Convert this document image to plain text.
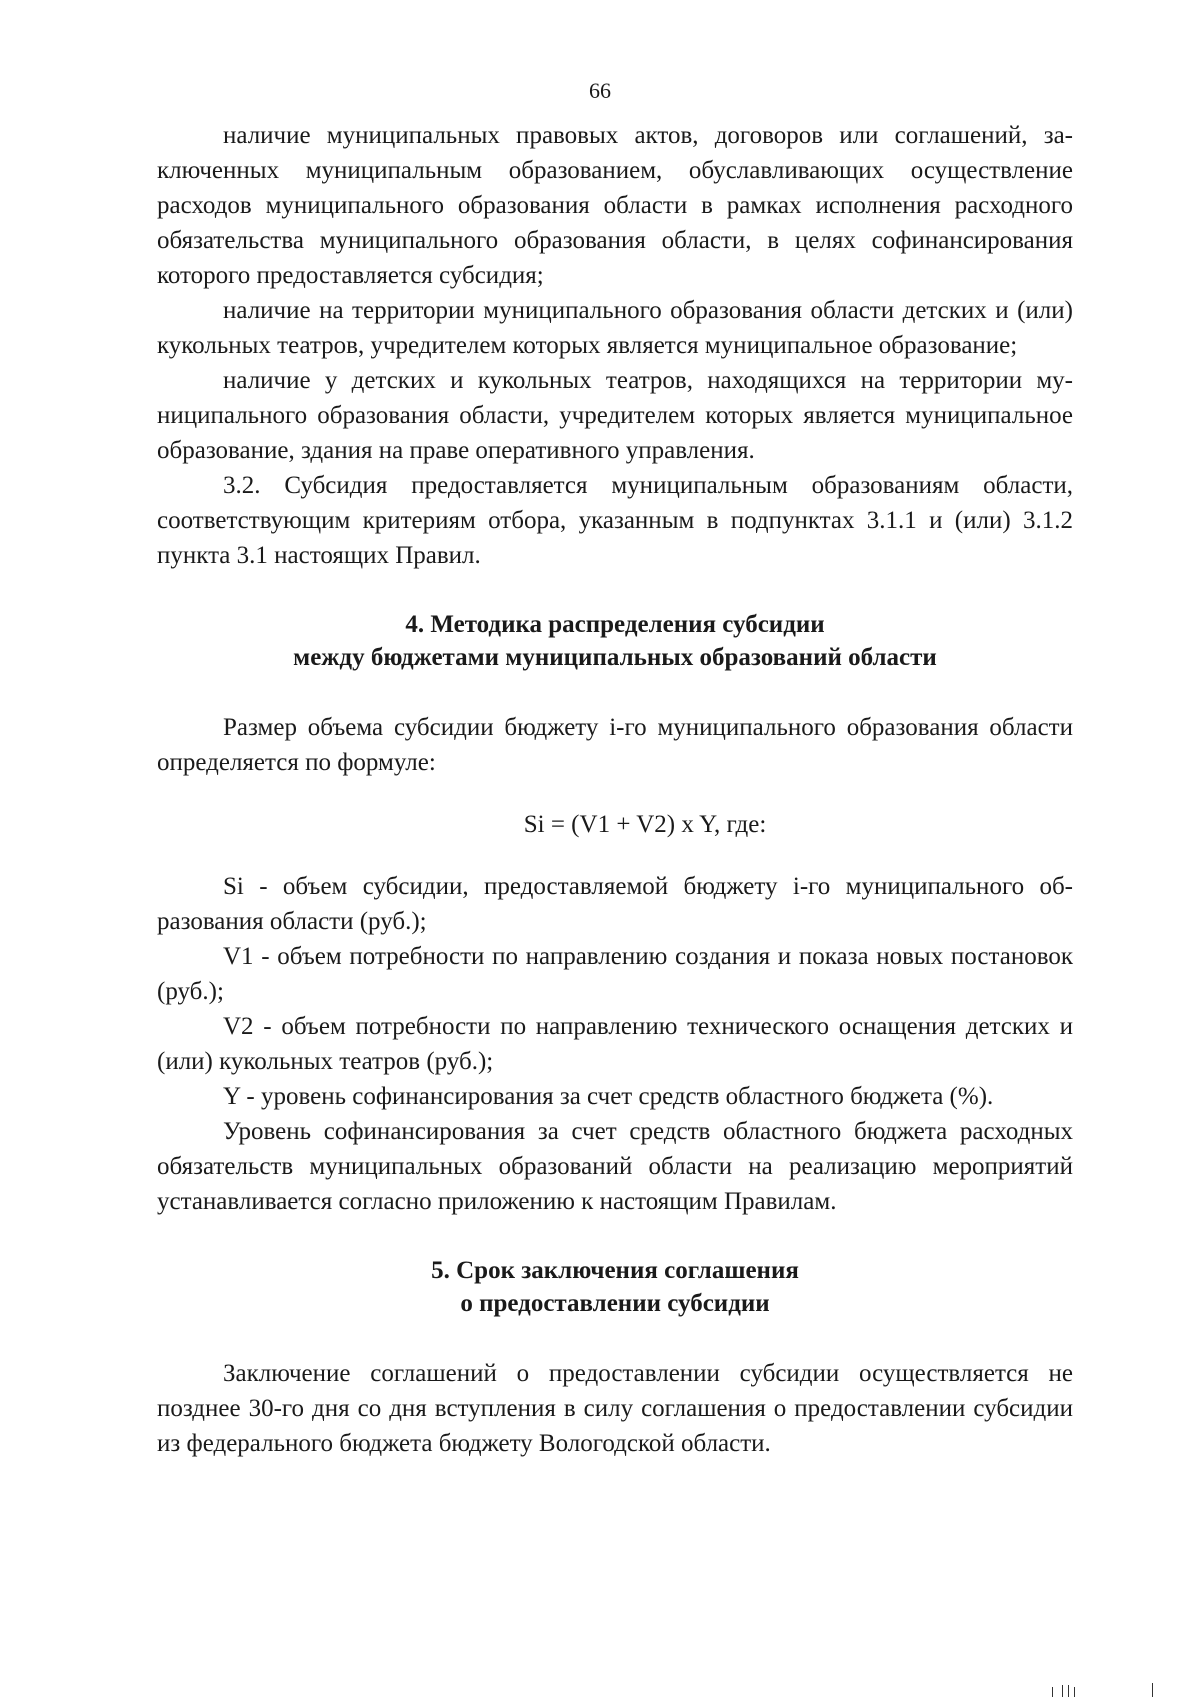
66

наличие муниципальных правовых актов, договоров или соглашений, заключенных муниципальным образованием, обуславливающих осуществление расходов муниципального образования области в рамках исполнения расходного обязательства муниципального образования области, в целях софинансирования которого предоставляется субсидия;

наличие на территории муниципального образования области детских и (или) кукольных театров, учредителем которых является муниципальное образование;

наличие у детских и кукольных театров, находящихся на территории муниципального образования области, учредителем которых является муниципальное образование, здания на праве оперативного управления.

3.2. Субсидия предоставляется муниципальным образованиям области, соответствующим критериям отбора, указанным в подпунктах 3.1.1 и (или) 3.1.2 пункта 3.1 настоящих Правил.

4. Методика распределения субсидии
между бюджетами муниципальных образований области

Размер объема субсидии бюджету i-го муниципального образования области определяется по формуле:

Si = (V1 + V2) x Y, где:

Si - объем субсидии, предоставляемой бюджету i-го муниципального образования области (руб.);

V1 - объем потребности по направлению создания и показа новых постановок (руб.);

V2 - объем потребности по направлению технического оснащения детских и (или) кукольных театров (руб.);

Y - уровень софинансирования за счет средств областного бюджета (%).

Уровень софинансирования за счет средств областного бюджета расходных обязательств муниципальных образований области на реализацию мероприятий устанавливается согласно приложению к настоящим Правилам.

5. Срок заключения соглашения
о предоставлении субсидии

Заключение соглашений о предоставлении субсидии осуществляется не позднее 30-го дня со дня вступления в силу соглашения о предоставлении субсидии из федерального бюджета бюджету Вологодской области.
